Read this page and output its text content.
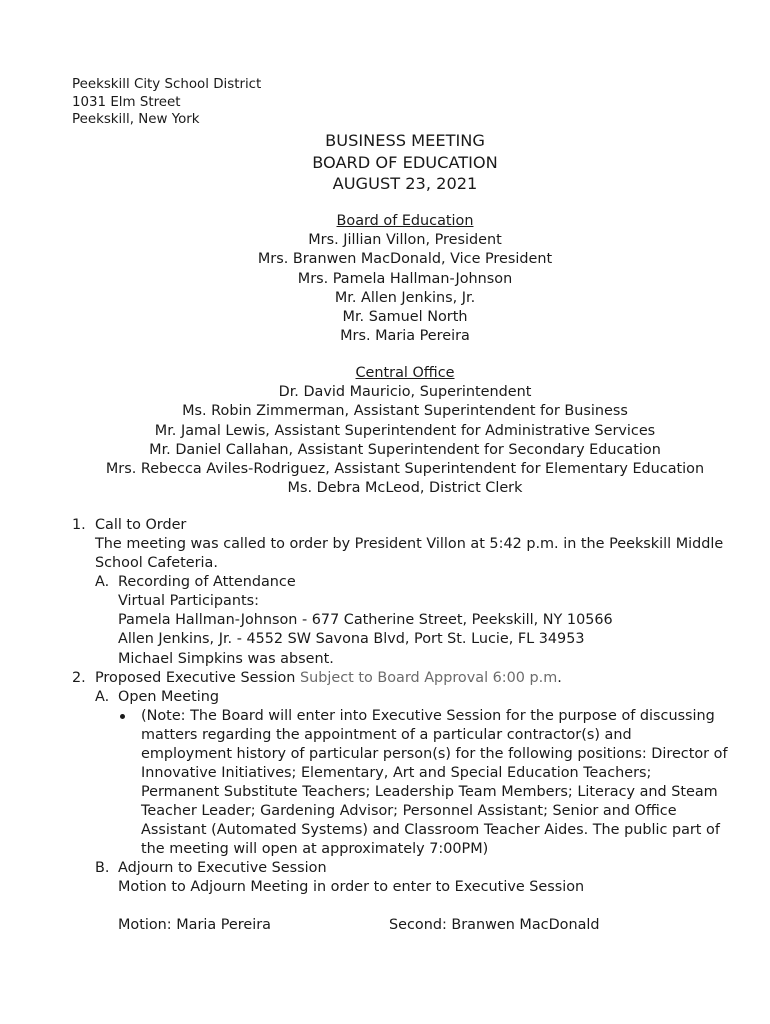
Peekskill City School District
1031 Elm Street
Peekskill, New York
BUSINESS MEETING
BOARD OF EDUCATION
AUGUST 23, 2021
Board of Education
Mrs. Jillian Villon, President
Mrs. Branwen MacDonald, Vice President
Mrs. Pamela Hallman-Johnson
Mr. Allen Jenkins, Jr.
Mr. Samuel North
Mrs. Maria Pereira
Central Office
Dr. David Mauricio, Superintendent
Ms. Robin Zimmerman, Assistant Superintendent for Business
Mr. Jamal Lewis, Assistant Superintendent for Administrative Services
Mr. Daniel Callahan, Assistant Superintendent for Secondary Education
Mrs. Rebecca Aviles-Rodriguez, Assistant Superintendent for Elementary Education
Ms. Debra McLeod, District Clerk
1. Call to Order
The meeting was called to order by President Villon at 5:42 p.m. in the Peekskill Middle
School Cafeteria.
A. Recording of Attendance
Virtual Participants:
Pamela Hallman-Johnson - 677 Catherine Street, Peekskill, NY 10566
Allen Jenkins, Jr. - 4552 SW Savona Blvd, Port St. Lucie, FL 34953
Michael Simpkins was absent.
2. Proposed Executive Session Subject to Board Approval 6:00 p.m.
A. Open Meeting
(Note: The Board will enter into Executive Session for the purpose of discussing
matters regarding the appointment of a particular contractor(s) and
employment history of particular person(s) for the following positions: Director of
Innovative Initiatives; Elementary, Art and Special Education Teachers;
Permanent Substitute Teachers; Leadership Team Members; Literacy and Steam
Teacher Leader; Gardening Advisor; Personnel Assistant; Senior and Office
Assistant (Automated Systems) and Classroom Teacher Aides. The public part of
the meeting will open at approximately 7:00PM)
B. Adjourn to Executive Session
Motion to Adjourn Meeting in order to enter to Executive Session
Motion: Maria Pereira	Second: Branwen MacDonald
